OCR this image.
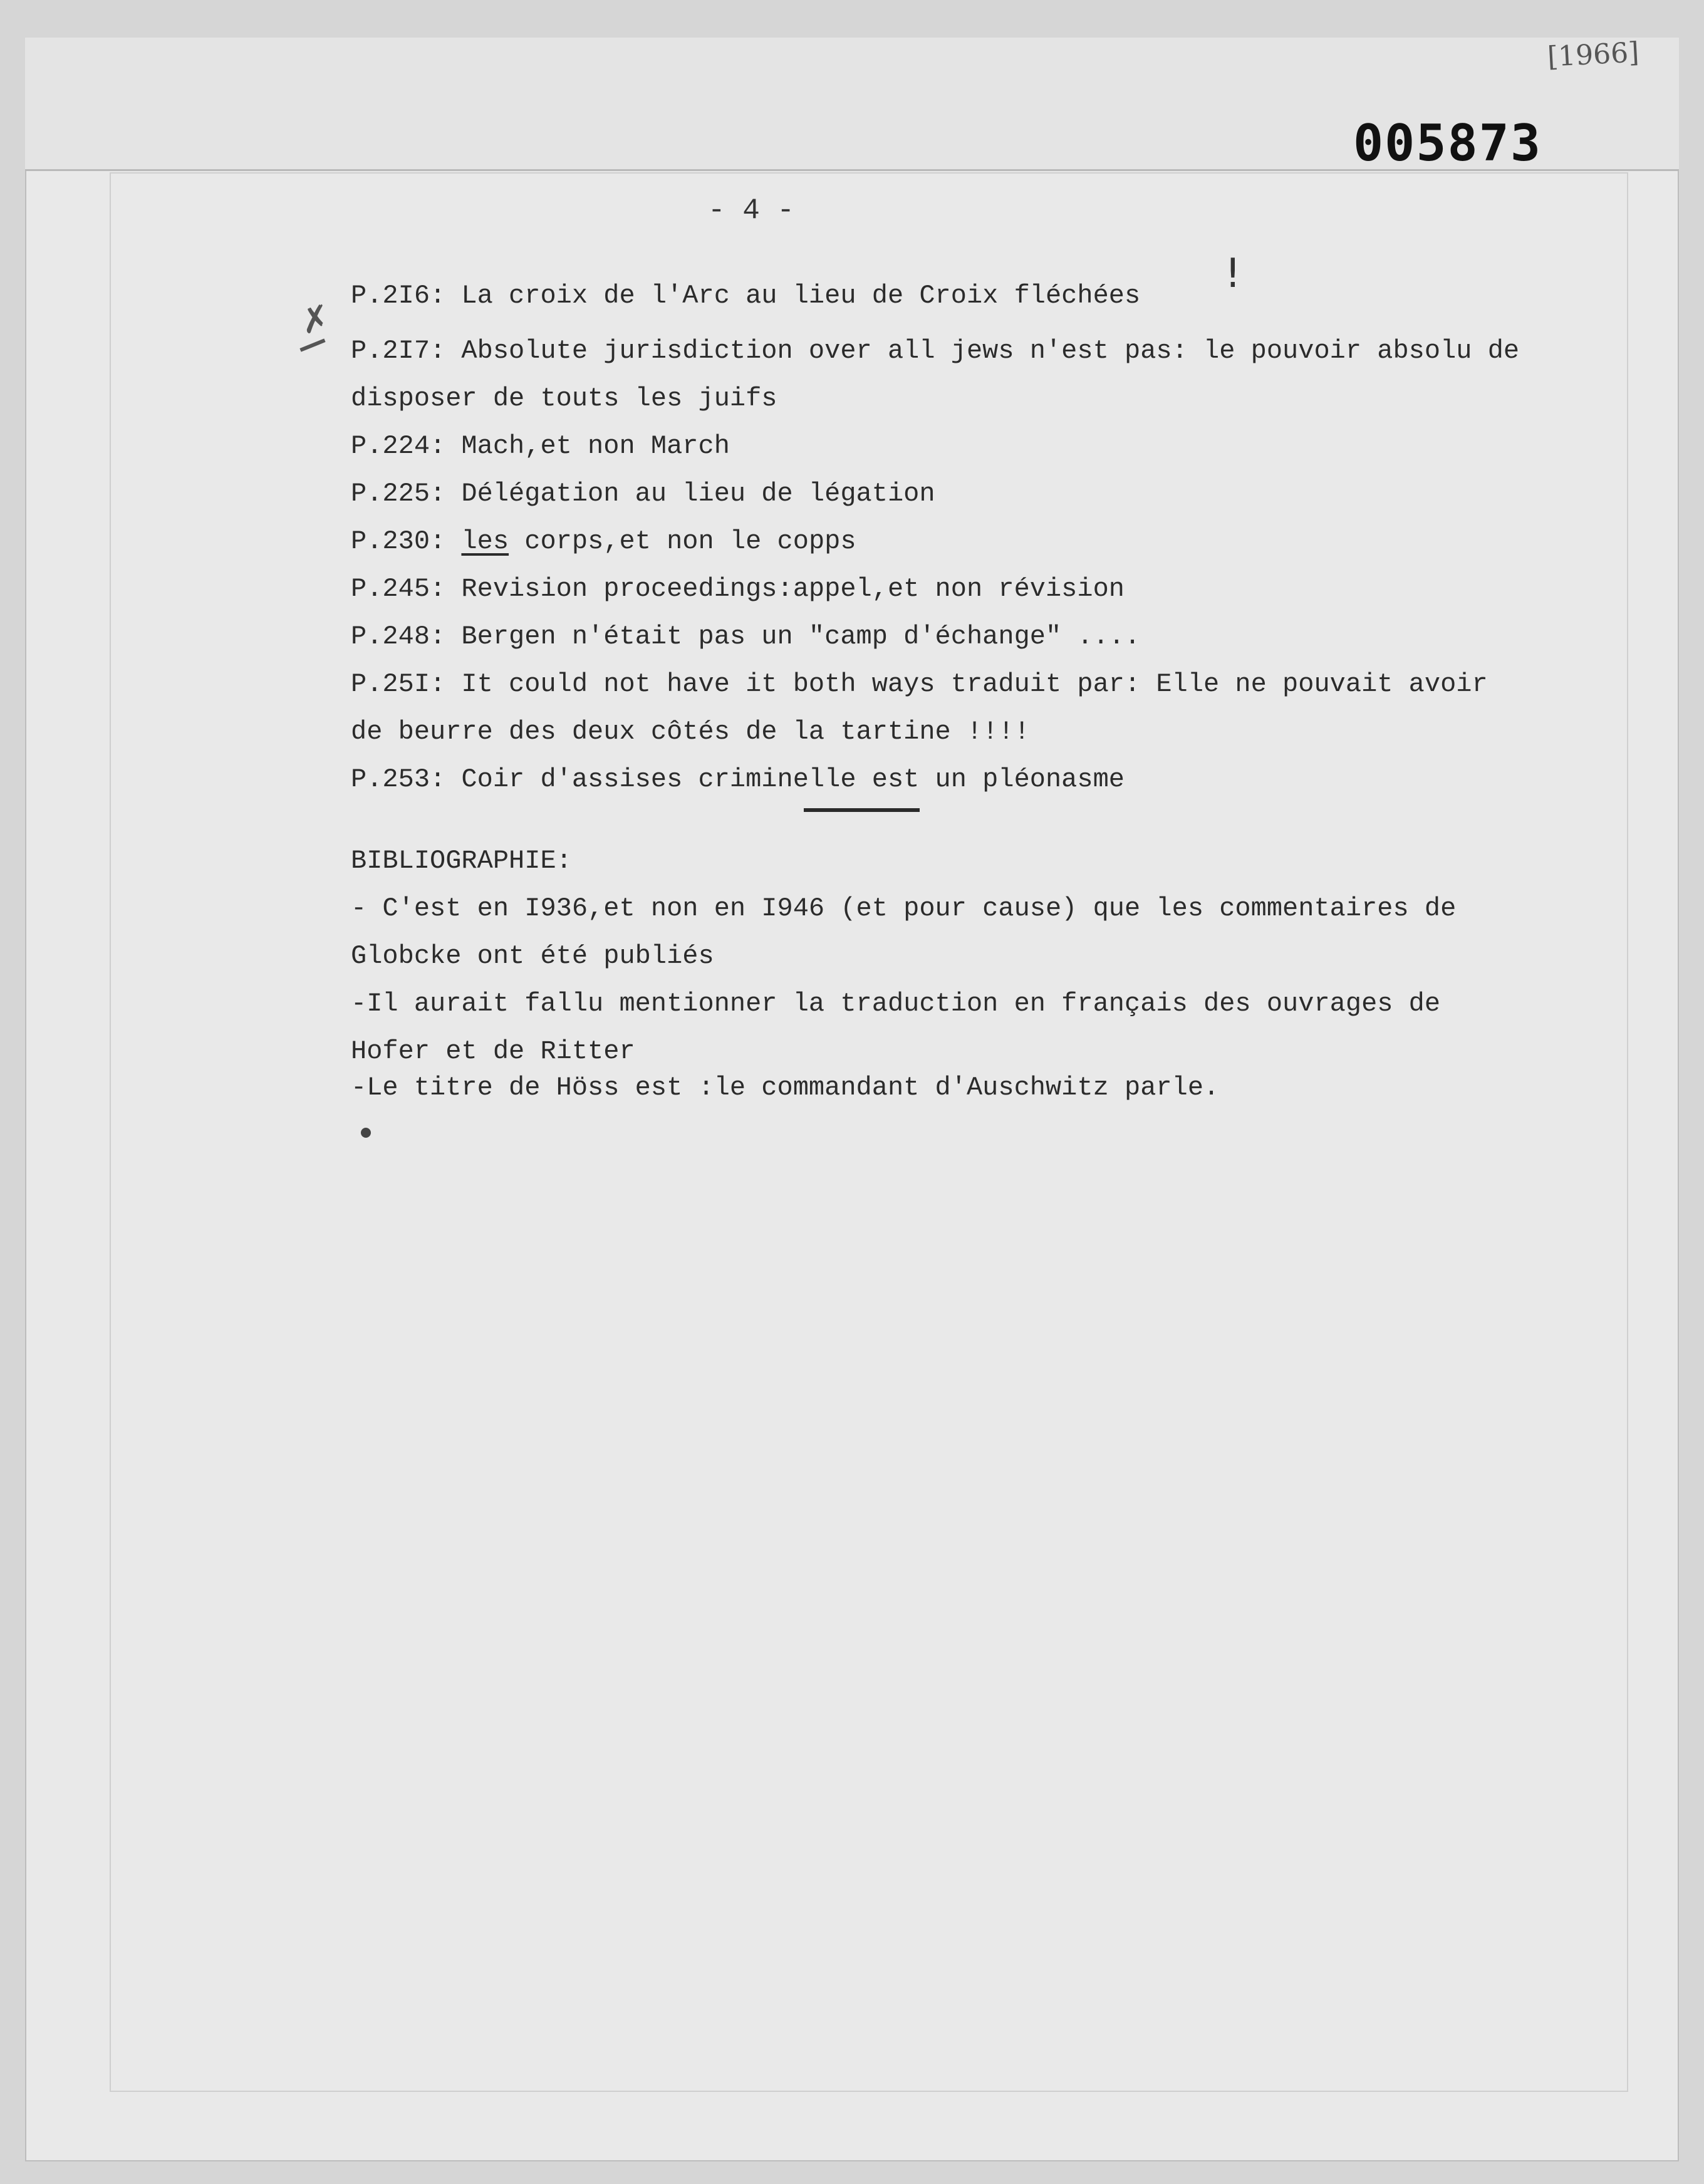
[1966]
005873
- 4 -
✗
!
P.2I6: La croix de l'Arc au lieu de Croix fléchées
P.2I7: Absolute jurisdiction over all jews n'est pas: le pouvoir absolu de
disposer de touts les juifs
P.224: Mach,et non March
P.225: Délégation au lieu de légation
P.230: les corps,et non le copps
P.245: Revision proceedings:appel,et non révision
P.248: Bergen n'était pas un "camp d'échange" ....
P.25I: It could not have it both ways traduit par: Elle ne pouvait avoir
de beurre des deux côtés de la tartine !!!!
P.253: Coir d'assises criminelle est un pléonasme
BIBLIOGRAPHIE:
- C'est en I936,et non en I946 (et pour cause) que les commentaires de
Globcke ont été publiés
-Il aurait fallu mentionner la traduction en français des ouvrages de
Hofer et de Ritter
-Le titre de Höss est :le commandant d'Auschwitz parle.
